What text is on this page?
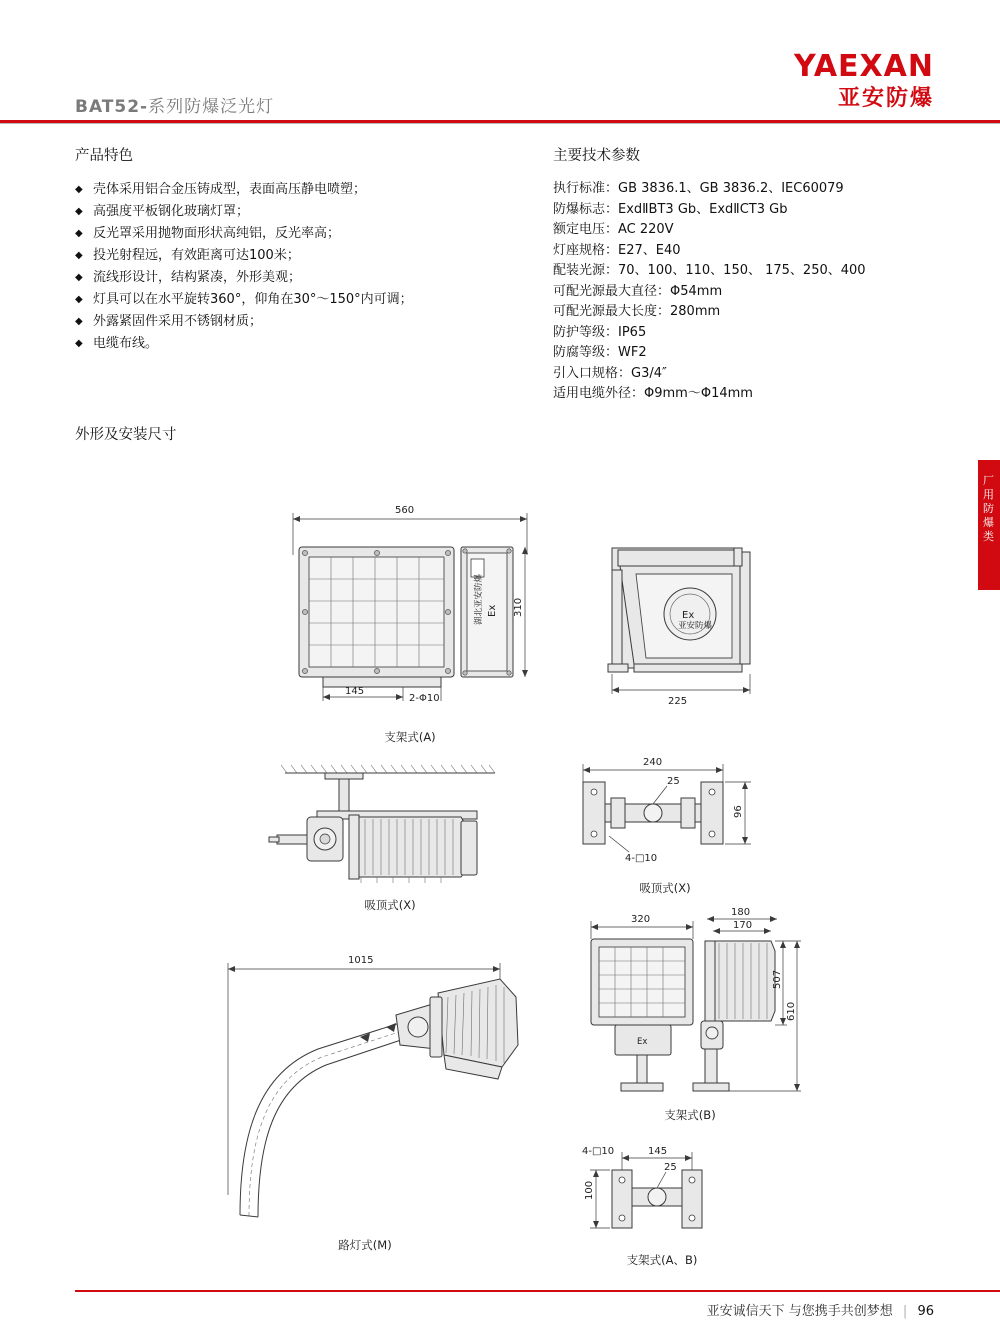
YAEXAN
亚安防爆
BAT52-系列防爆泛光灯
产品特色
◆ 壳体采用铝合金压铸成型，表面高压静电喷塑；
◆ 高强度平板钢化玻璃灯罩；
◆ 反光罩采用抛物面形状高纯铝，反光率高；
◆ 投光射程远，有效距离可达100米；
◆ 流线形设计，结构紧凑，外形美观；
◆ 灯具可以在水平旋转360°，仰角在30°～150°内可调；
◆ 外露紧固件采用不锈钢材质；
◆ 电缆布线。
主要技术参数
执行标准：GB 3836.1、GB 3836.2、IEC60079
防爆标志：ExdⅡBT3 Gb、ExdⅡCT3 Gb
额定电压：AC 220V
灯座规格：E27、E40
配装光源：70、100、110、150、 175、250、400
可配光源最大直径：Φ54mm
可配光源最大长度：280mm
防护等级：IP65
防腐等级：WF2
引入口规格：G3/4″
适用电缆外径：Φ9mm～Φ14mm
外形及安装尺寸
厂用防爆类
560
Ex
湖北亚安防爆	310
145
2-Φ10
支架式(A)
Ex
亚安防爆
225
吸顶式(X)
240
25
4-□10
96
吸顶式(X)
1015
路灯式(M)
320
180
170
Ex
507
610
支架式(B)
4-□10	145
25
100
支架式(A、B)
亚安诚信天下 与您携手共创梦想 | 96
